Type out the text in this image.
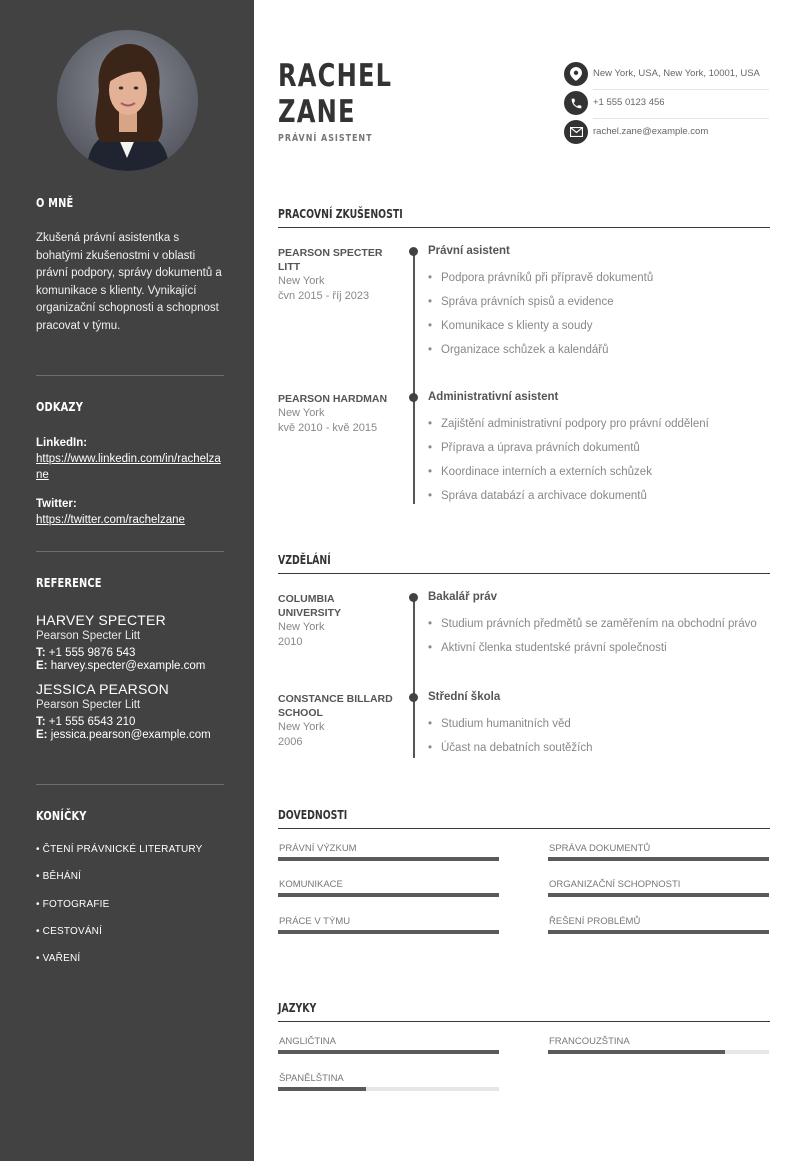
O MNĚ
Zkušená právní asistentka s bohatými zkušenostmi v oblasti právní podpory, správy dokumentů a komunikace s klienty. Vynikající organizační schopnosti a schopnost pracovat v týmu.
ODKAZY
LinkedIn:
https://www.linkedin.com/in/rachelzane
Twitter:
https://twitter.com/rachelzane
REFERENCE
HARVEY SPECTER
Pearson Specter Litt
T: +1 555 9876 543
E: harvey.specter@example.com
JESSICA PEARSON
Pearson Specter Litt
T: +1 555 6543 210
E: jessica.pearson@example.com
KONÍČKY
• ČTENÍ PRÁVNICKÉ LITERATURY
• BĚHÁNÍ
• FOTOGRAFIE
• CESTOVÁNÍ
• VAŘENÍ
RACHEL
ZANE
PRÁVNÍ ASISTENT
New York, USA, New York, 10001, USA
+1 555 0123 456
rachel.zane@example.com
PRACOVNÍ ZKUŠENOSTI
PEARSON SPECTER LITT
New York
čvn 2015 - říj 2023
Právní asistent
• Podpora právníků při přípravě dokumentů
• Správa právních spisů a evidence
• Komunikace s klienty a soudy
• Organizace schůzek a kalendářů
PEARSON HARDMAN
New York
kvě 2010 - kvě 2015
Administrativní asistent
• Zajištění administrativní podpory pro právní oddělení
• Příprava a úprava právních dokumentů
• Koordinace interních a externích schůzek
• Správa databází a archivace dokumentů
VZDĚLÁNÍ
COLUMBIA UNIVERSITY
New York
2010
Bakalář práv
• Studium právních předmětů se zaměřením na obchodní právo
• Aktivní členka studentské právní společnosti
CONSTANCE BILLARD SCHOOL
New York
2006
Střední škola
• Studium humanitních věd
• Účast na debatních soutěžích
DOVEDNOSTI
PRÁVNÍ VÝZKUM	SPRÁVA DOKUMENTŮ
KOMUNIKACE	ORGANIZAČNÍ SCHOPNOSTI
PRÁCE V TÝMU	ŘEŠENÍ PROBLÉMŮ
JAZYKY
ANGLIČTINA	FRANCOUZŠTINA
ŠPANĚLŠTINA
